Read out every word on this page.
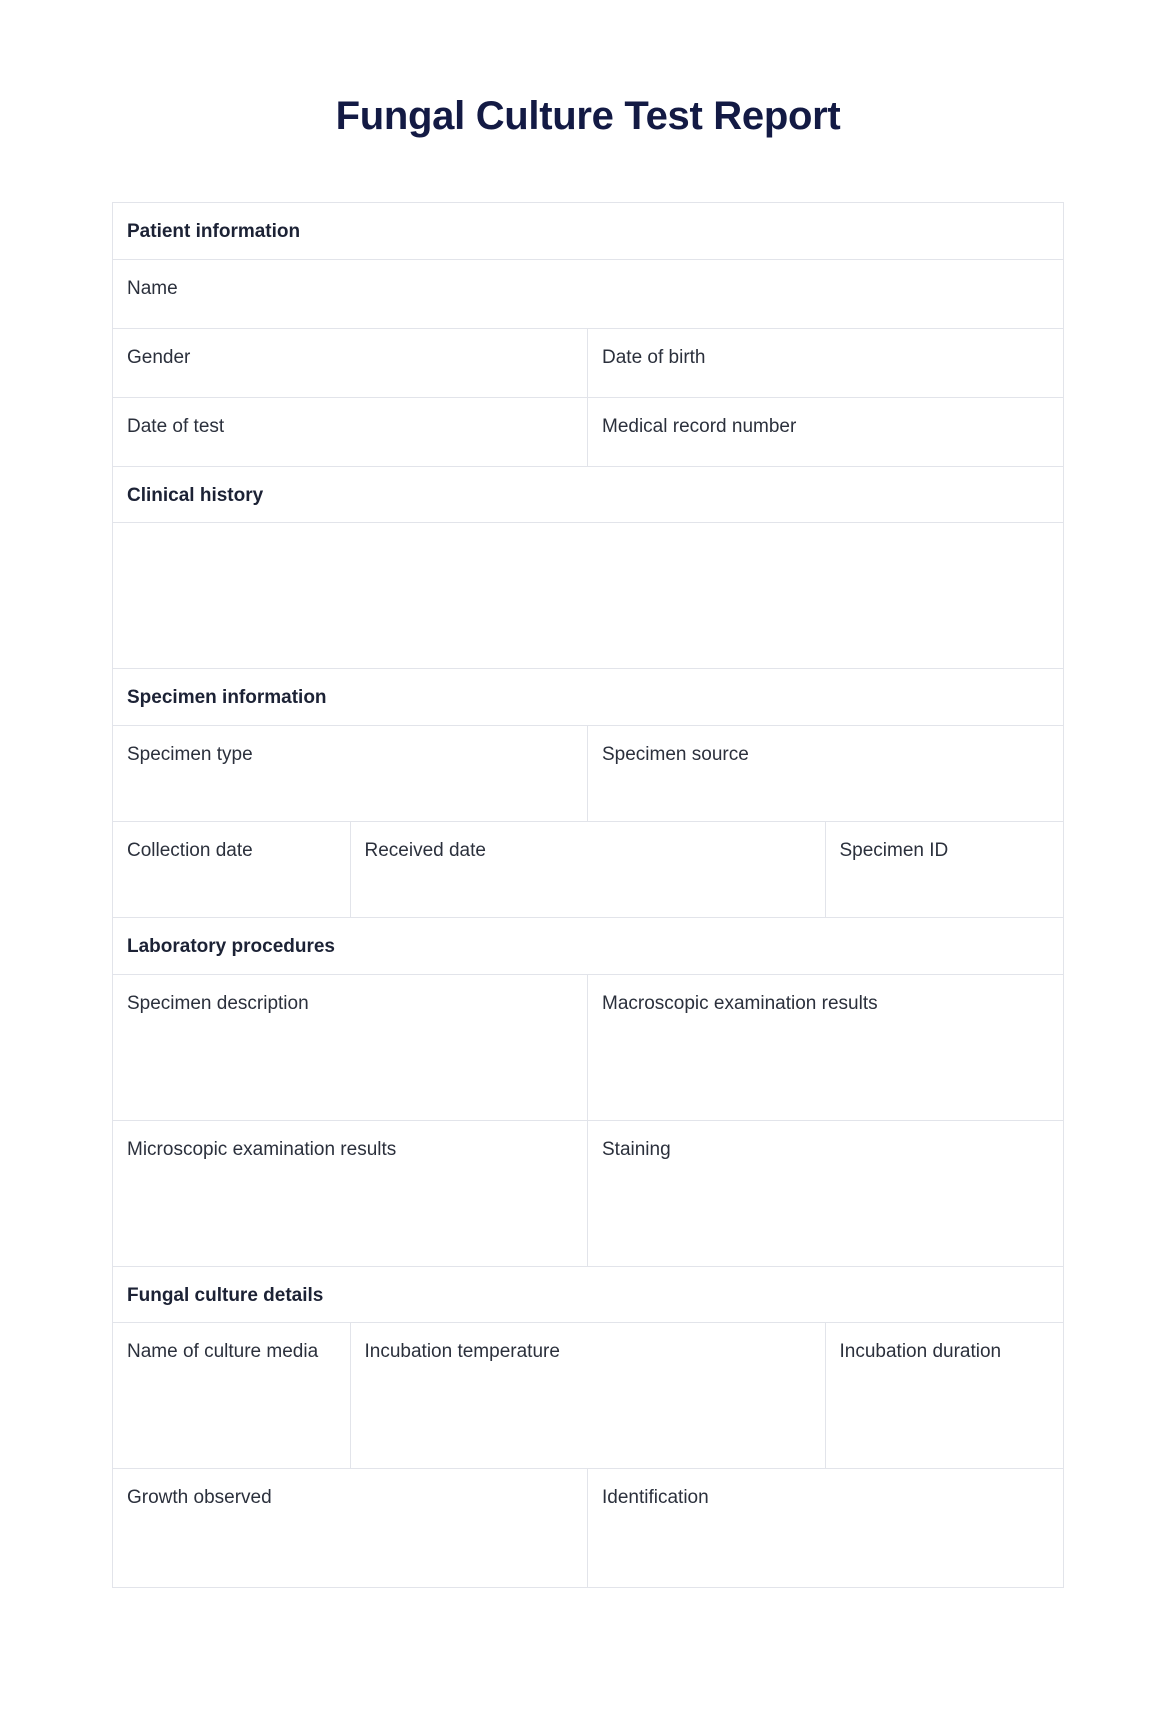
Fungal Culture Test Report
Patient information
Name
Gender	Date of birth
Date of test	Medical record number
Clinical history
Specimen information
Specimen type	Specimen source
Collection date	Received date	Specimen ID
Laboratory procedures
Specimen description	Macroscopic examination results
Microscopic examination results	Staining
Fungal culture details
Name of culture media	Incubation temperature	Incubation duration
Growth observed	Identification
